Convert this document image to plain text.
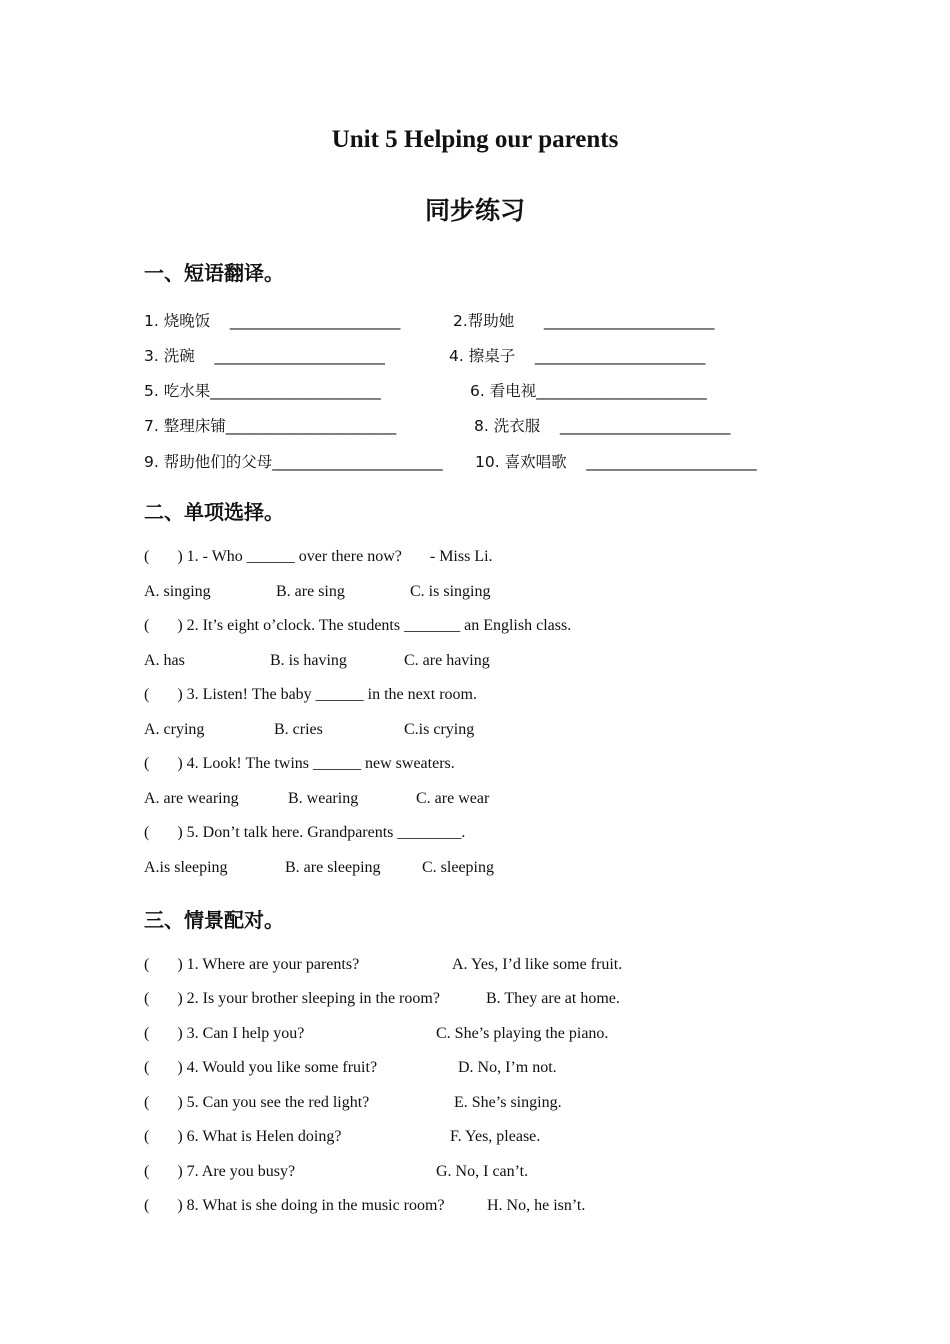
Unit 5 Helping our parents
同步练习
一、短语翻译。
1. 烧晚饭    ______________________	2.帮助她      ______________________
3. 洗碗    ______________________	4. 擦桌子    ______________________
5. 吃水果______________________	6. 看电视______________________
7. 整理床铺______________________	8. 洗衣服    ______________________
9. 帮助他们的父母______________________ 10. 喜欢唱歌    ______________________
二、单项选择。
(       ) 1. - Who ______ over there now?       - Miss Li.
A. singing	B. are sing	C. is singing
(       ) 2. It’s eight o’clock. The students _______ an English class.
A. has	B. is having	C. are having
(       ) 3. Listen! The baby ______ in the next room.
A. crying	B. cries	C.is crying
(       ) 4. Look! The twins ______ new sweaters.
A. are wearing	B. wearing	C. are wear
(       ) 5. Don’t talk here. Grandparents ________.
A.is sleeping	B. are sleeping	C. sleeping
三、情景配对。
(       ) 1. Where are your parents?	A. Yes, I’d like some fruit.
(       ) 2. Is your brother sleeping in the room?	B. They are at home.
(       ) 3. Can I help you?	C. She’s playing the piano.
(       ) 4. Would you like some fruit?	D. No, I’m not.
(       ) 5. Can you see the red light?	E. She’s singing.
(       ) 6. What is Helen doing?	F. Yes, please.
(       ) 7. Are you busy?	G. No, I can’t.
(       ) 8. What is she doing in the music room?	H. No, he isn’t.
